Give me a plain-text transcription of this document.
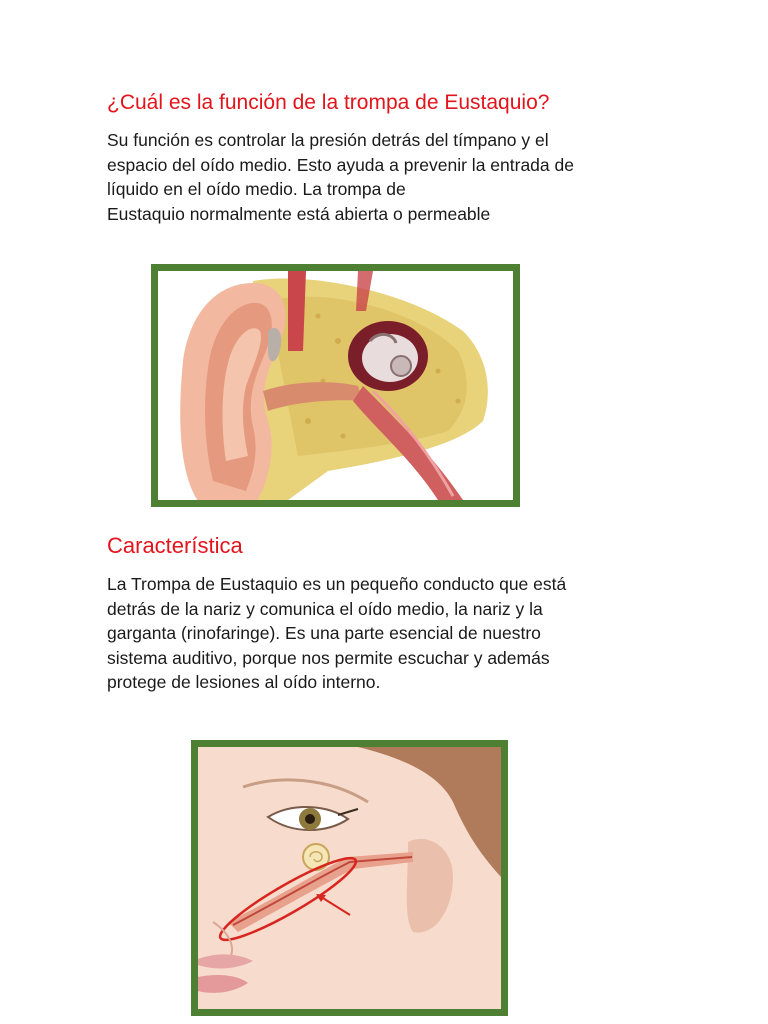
¿Cuál es la función de la trompa de Eustaquio?
Su función es controlar la presión detrás del tímpano y el
espacio del oído medio. Esto ayuda a prevenir la entrada de
líquido en el oído medio. La trompa de
Eustaquio normalmente está abierta o permeable
Característica
La Trompa de Eustaquio es un pequeño conducto que está
detrás de la nariz y comunica el oído medio, la nariz y la
garganta (rinofaringe). Es una parte esencial de nuestro
sistema auditivo, porque nos permite escuchar y además
protege de lesiones al oído interno.
